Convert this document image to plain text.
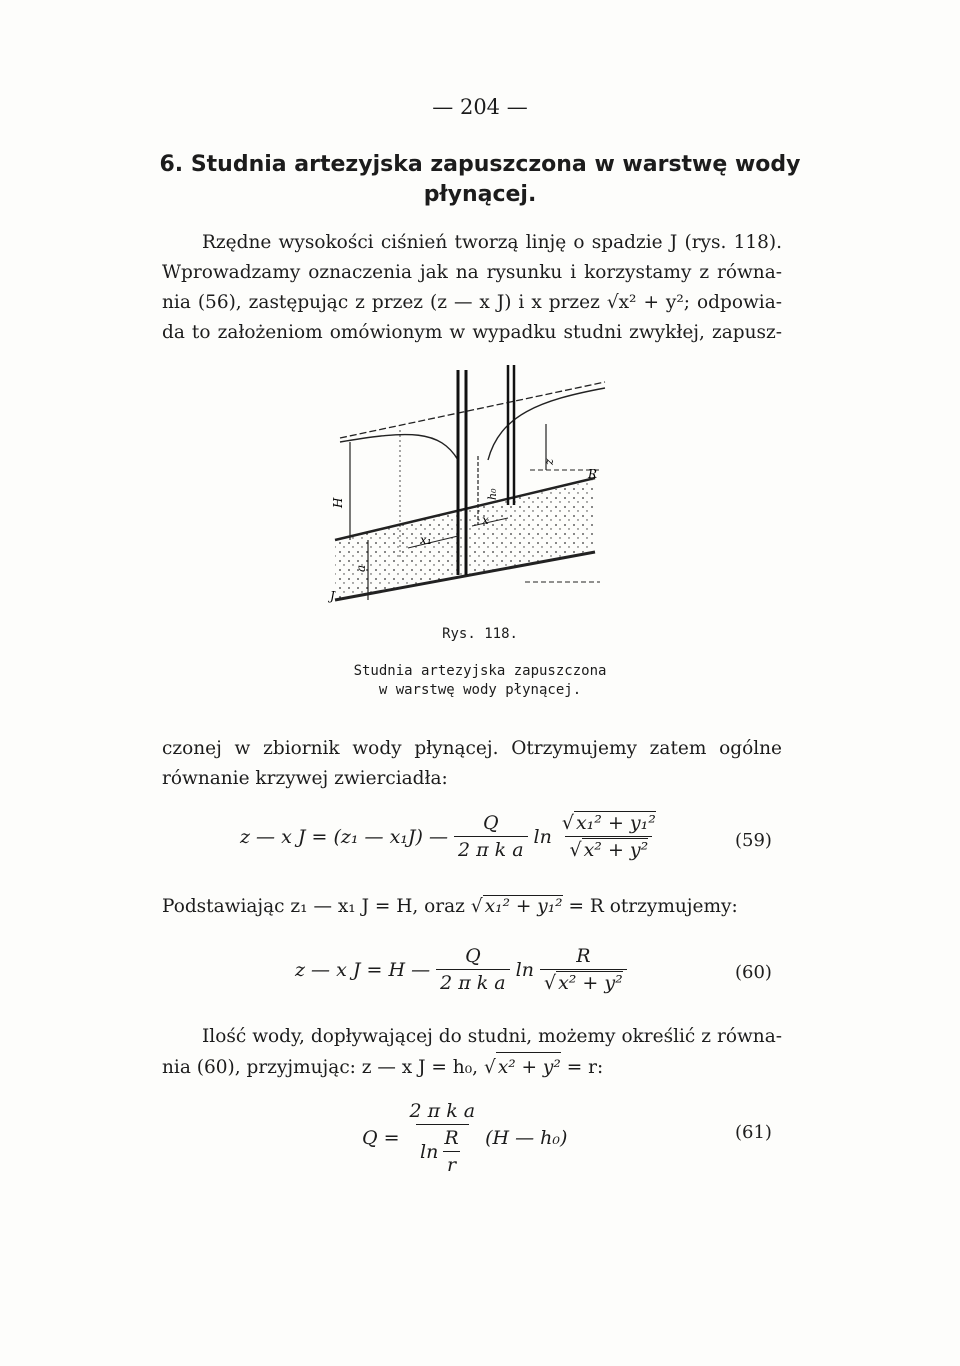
— 204 —
6. Studnia artezyjska zapuszczona w warstwę wody
płynącej.
Rzędne wysokości ciśnień tworzą linję o spadzie J (rys. 118).
Wprowadzamy oznaczenia jak na rysunku i korzystamy z równa-
nia (56), zastępując z przez (z — x J) i x przez √x² + y²; odpowia-
da to założeniom omówionym w wypadku studni zwykłej, zapusz-
H
a
J
h₀
z
R
x₁
x
Rys. 118.
Studnia artezyjska zapuszczona
w warstwę wody płynącej.
czonej w zbiornik wody płynącej. Otrzymujemy zatem ogólne
równanie krzywej zwierciadła:
z — x J = (z₁ — x₁J) — $\frac{Q}{\text{2 π k a}}$ $\ln \frac{\text{√ x₁² + y₁²}}{\text{√ x² + y²}}$	(59)
Podstawiając z₁ — x₁ J = H, oraz √ x₁² + y₁² = R otrzymujemy:
z — x J = H — $\frac{Q}{\text{2 π k a}}$ $\ln \frac{R}{\text{√ x² + y²}}$	(60)
Ilość wody, dopływającej do studni, możemy określić z równa-
nia (60), przyjmując: z — x J = h₀, √ x² + y² = r:
$Q = \frac{\text{2 π k a}}{\ln \frac{R}{r}} (H$ — h₀)	(61)
